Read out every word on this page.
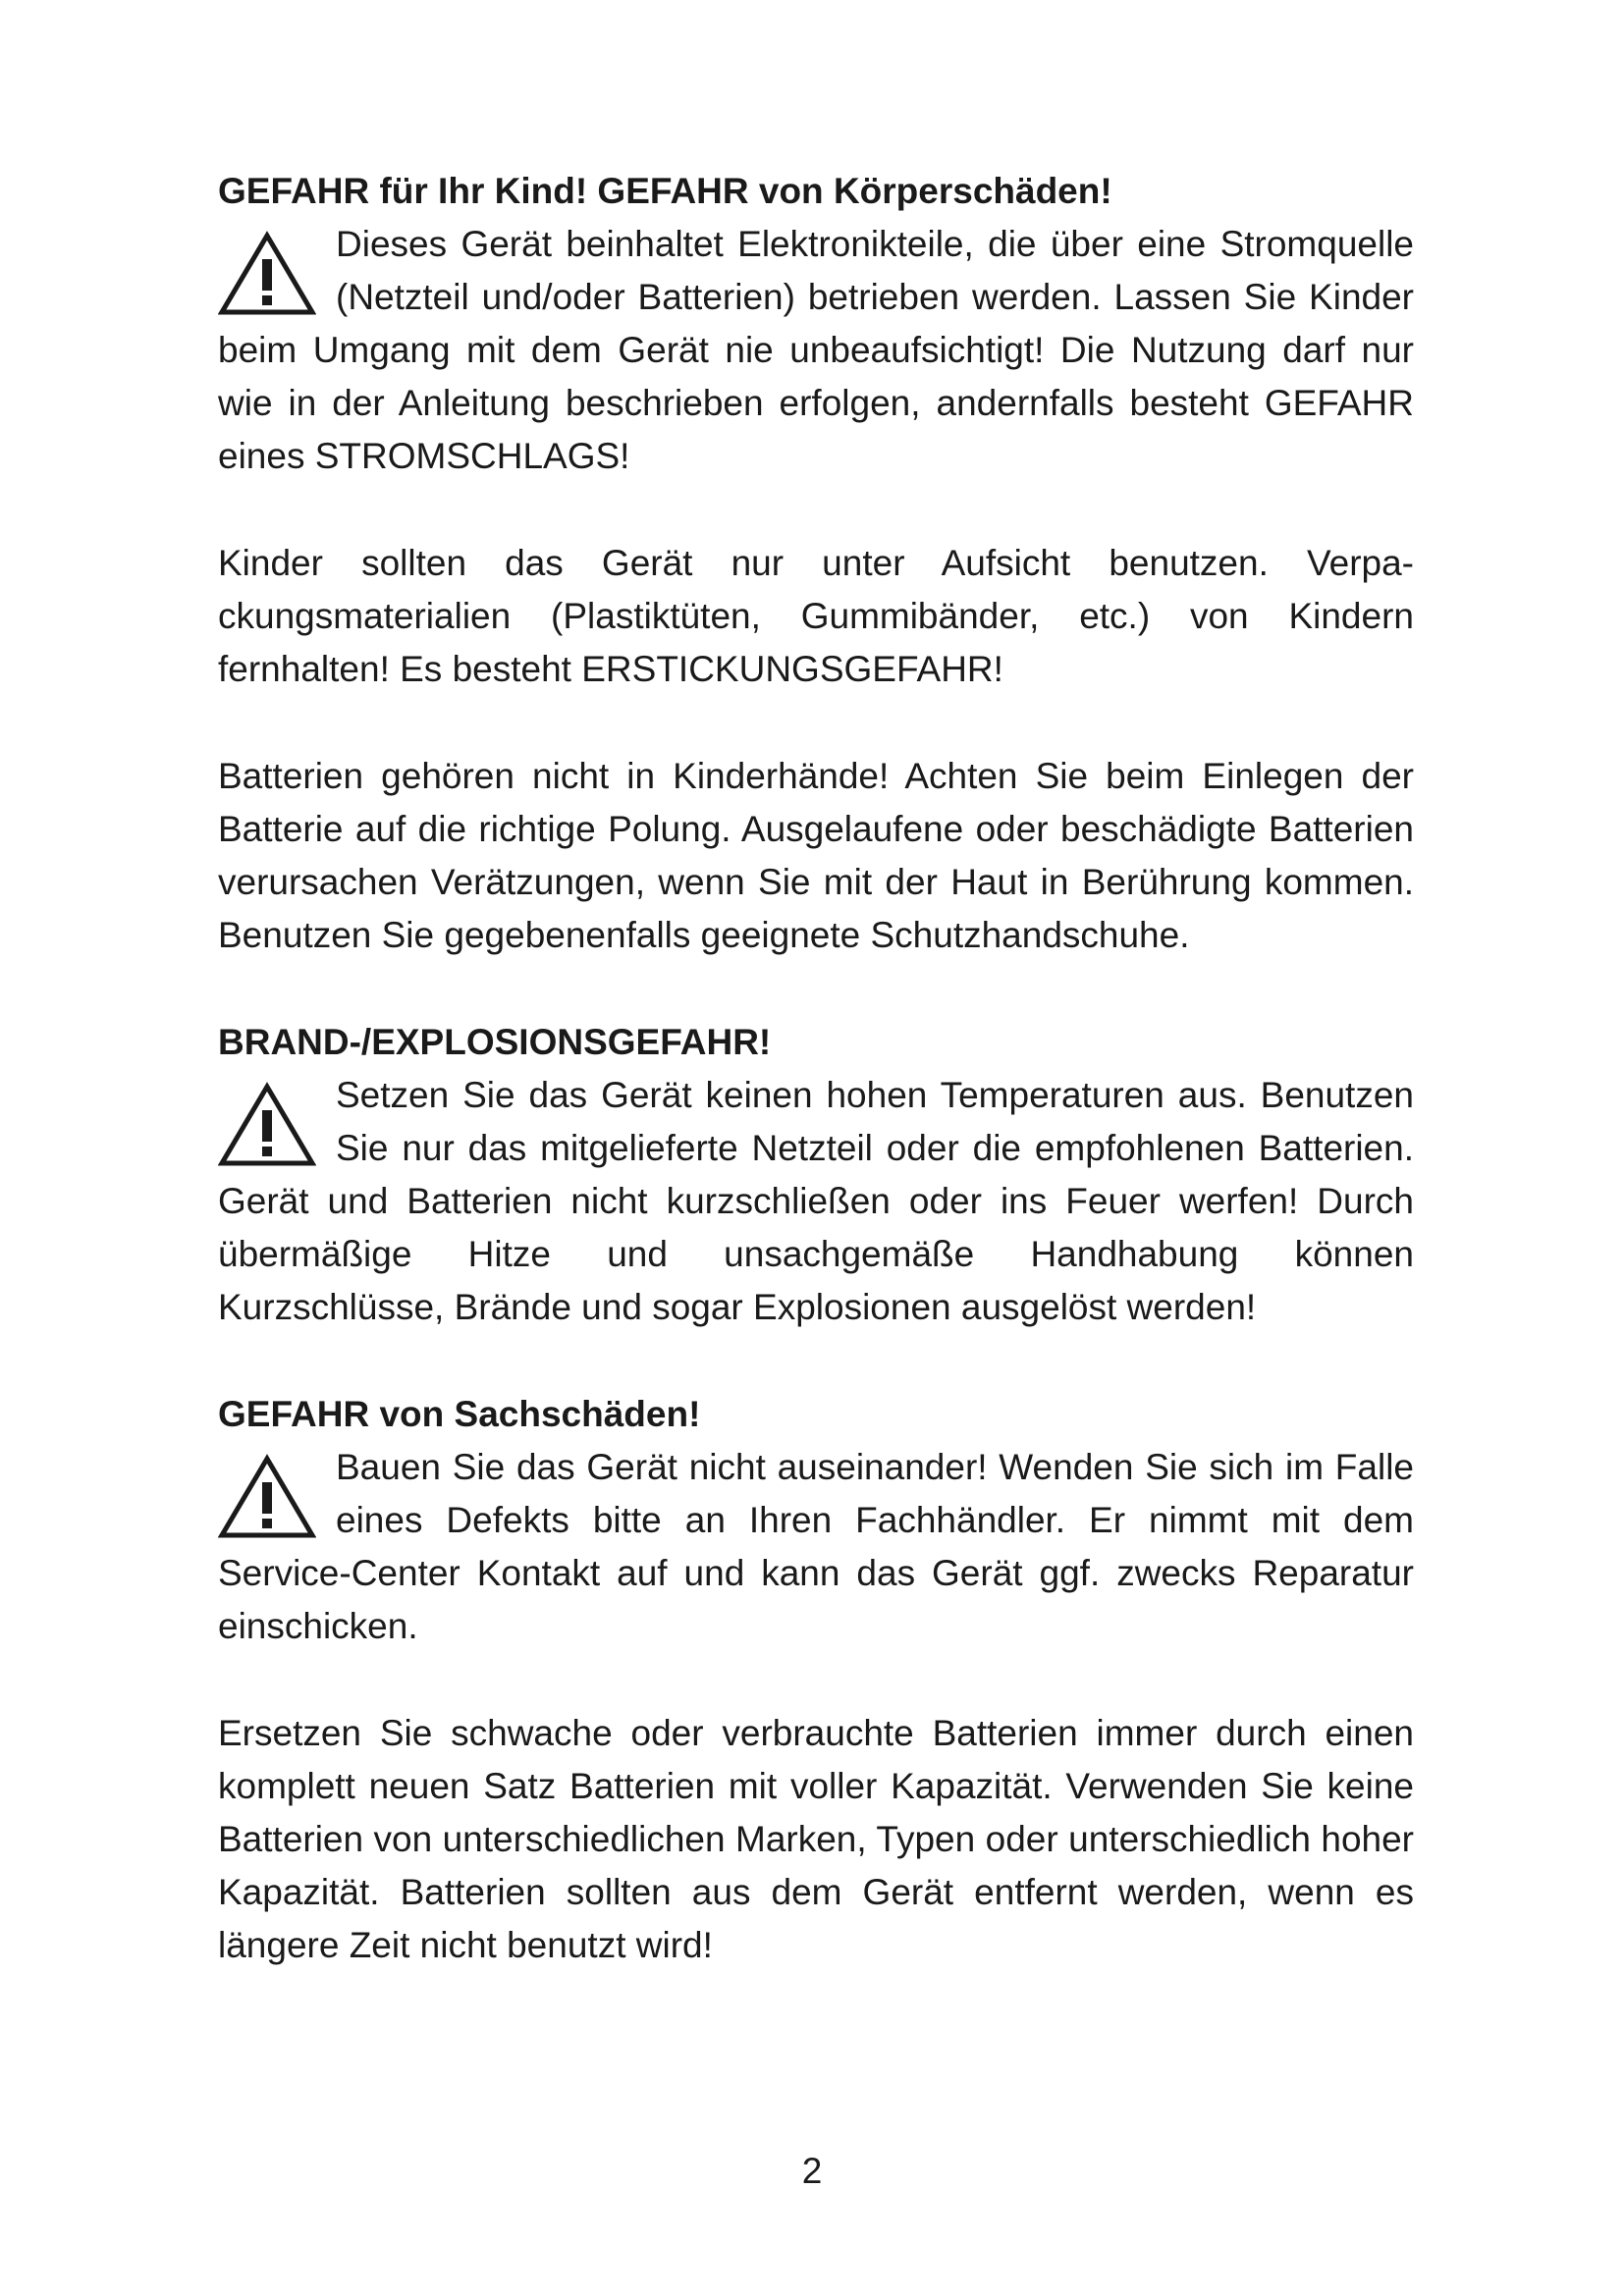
GEFAHR für Ihr Kind! GEFAHR von Körperschäden!

Dieses Gerät beinhaltet Elektronikteile, die über eine Stromquelle (Netzteil und/oder Batterien) betrieben werden. Lassen Sie Kinder beim Umgang mit dem Gerät nie unbeaufsichtigt! Die Nutzung darf nur wie in der Anleitung beschrieben erfolgen, andernfalls besteht GEFAHR eines STROMSCHLAGS!

Kinder sollten das Gerät nur unter Aufsicht benutzen. Verpackungsmaterialien (Plastiktüten, Gummibänder, etc.) von Kindern fernhalten! Es besteht ERSTICKUNGSGEFAHR!

Batterien gehören nicht in Kinderhände! Achten Sie beim Einlegen der Batterie auf die richtige Polung. Ausgelaufene oder beschädigte Batterien verursachen Verätzungen, wenn Sie mit der Haut in Berührung kommen. Benutzen Sie gegebenenfalls geeignete Schutzhandschuhe.

BRAND-/EXPLOSIONSGEFAHR!

Setzen Sie das Gerät keinen hohen Temperaturen aus. Benutzen Sie nur das mitgelieferte Netzteil oder die empfohlenen Batterien. Gerät und Batterien nicht kurzschließen oder ins Feuer werfen! Durch übermäßige Hitze und unsachgemäße Handhabung können Kurzschlüsse, Brände und sogar Explosionen ausgelöst werden!

GEFAHR von Sachschäden!

Bauen Sie das Gerät nicht auseinander! Wenden Sie sich im Falle eines Defekts bitte an Ihren Fachhändler. Er nimmt mit dem Service-Center Kontakt auf und kann das Gerät ggf. zwecks Reparatur einschicken.

Ersetzen Sie schwache oder verbrauchte Batterien immer durch einen komplett neuen Satz Batterien mit voller Kapazität. Verwenden Sie keine Batterien von unterschiedlichen Marken, Typen oder unterschiedlich hoher Kapazität. Batterien sollten aus dem Gerät entfernt werden, wenn es längere Zeit nicht benutzt wird!

2
